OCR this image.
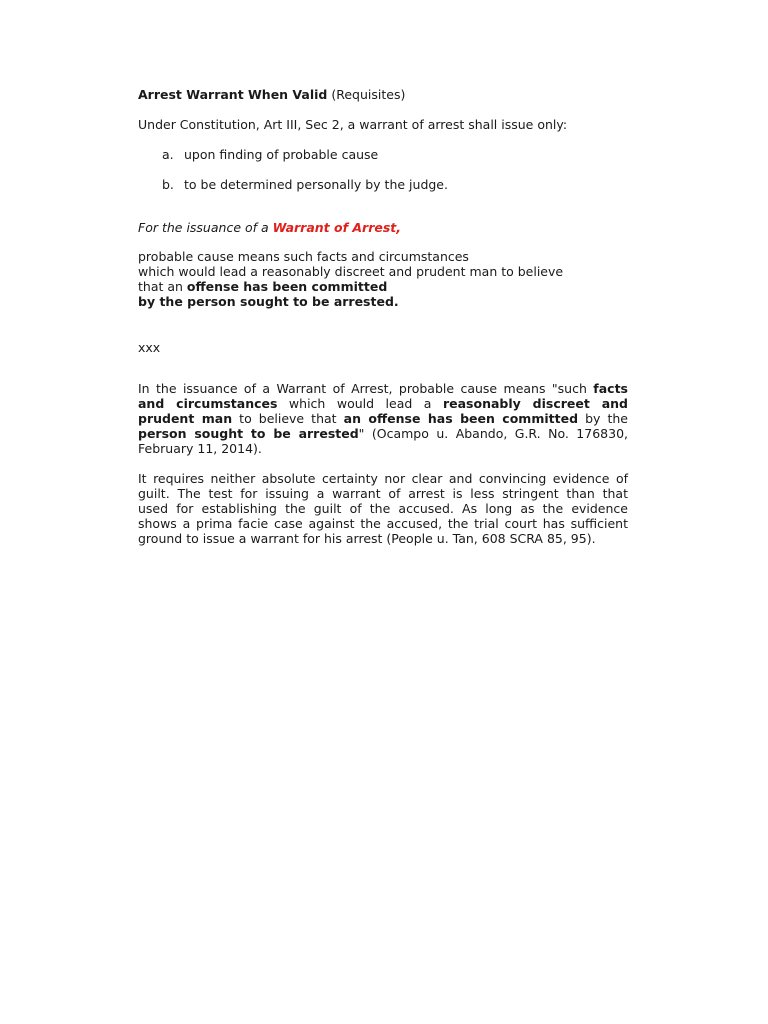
Arrest Warrant When Valid (Requisites)
Under Constitution, Art III, Sec 2, a warrant of arrest shall issue only:
a. upon finding of probable cause
b. to be determined personally by the judge.
For the issuance of a Warrant of Arrest,
probable cause means such facts and circumstances
which would lead a reasonably discreet and prudent man to believe
that an offense has been committed
by the person sought to be arrested.
xxx
In the issuance of a Warrant of Arrest, probable cause means "such facts
and circumstances which would lead a reasonably discreet and
prudent man to believe that an offense has been committed by the
person sought to be arrested" (Ocampo u. Abando, G.R. No. 176830,
February 11, 2014).
It requires neither absolute certainty nor clear and convincing evidence of
guilt. The test for issuing a warrant of arrest is less stringent than that
used for establishing the guilt of the accused. As long as the evidence
shows a prima facie case against the accused, the trial court has sufficient
ground to issue a warrant for his arrest (People u. Tan, 608 SCRA 85, 95).
